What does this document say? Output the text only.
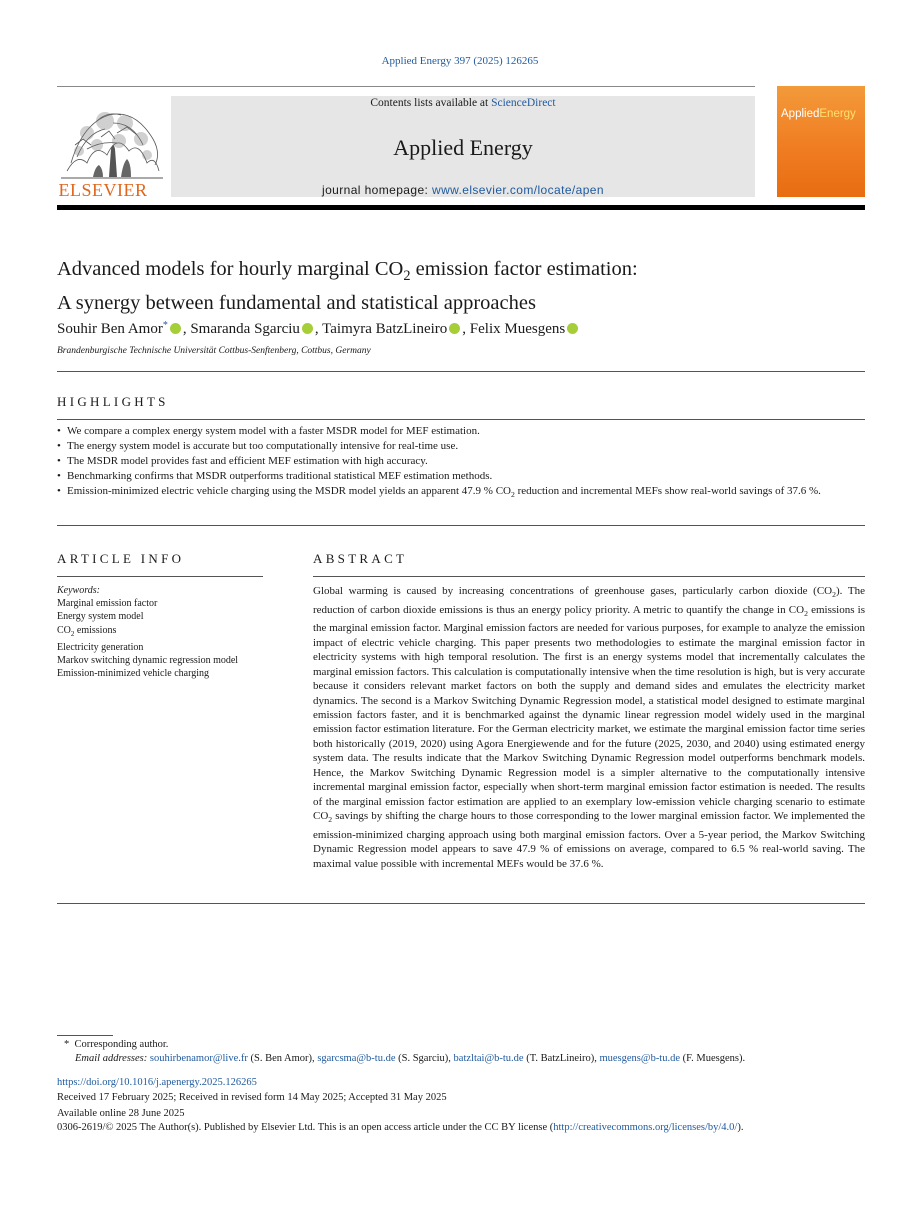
Applied Energy 397 (2025) 126265
ELSEVIER
Contents lists available at ScienceDirect
Applied Energy
journal homepage: www.elsevier.com/locate/apen
AppliedEnergy
Advanced models for hourly marginal $CO_2$ emission factor estimation:
A synergy between fundamental and statistical approaches
Souhir Ben Amor* , Smaranda Sgarciu , Taimyra BatzLineiro , Felix Muesgens
Brandenburgische Technische Universität Cottbus-Senftenberg, Cottbus, Germany
HIGHLIGHTS
• We compare a complex energy system model with a faster MSDR model for MEF estimation.
• The energy system model is accurate but too computationally intensive for real-time use.
• The MSDR model provides fast and efficient MEF estimation with high accuracy.
• Benchmarking confirms that MSDR outperforms traditional statistical MEF estimation methods.
• Emission-minimized electric vehicle charging using the MSDR model yields an apparent 47.9 % $CO_2$ reduction and incremental MEFs show real-world savings of 37.6 %.
ARTICLE INFO
Keywords:
Marginal emission factor
Energy system model
$CO_2$ emissions
Electricity generation
Markov switching dynamic regression model
Emission-minimized vehicle charging
ABSTRACT

Global warming is caused by increasing concentrations of greenhouse gases, particularly carbon dioxide $(CO_2)$. The reduction of carbon dioxide emissions is thus an energy policy priority. A metric to quantify the change in $CO_2$ emissions is the marginal emission factor. Marginal emission factors are needed for various purposes, for example to analyze the emission impact of electric vehicle charging. This paper presents two methodologies to estimate the marginal emission factor in electricity systems with high temporal resolution. The first is an energy systems model that incrementally calculates the marginal emission factors. This calculation is computationally intensive when the time resolution is high, but is very accurate because it considers relevant market factors on both the supply and demand sides and emulates the electricity market dynamics. The second is a Markov Switching Dynamic Regression model, a statistical model designed to estimate marginal emission factors faster, and it is benchmarked against the dynamic linear regression model widely used in the marginal emission factor estimation literature. For the German electricity market, we estimate the marginal emission factor time series both historically (2019, 2020) using Agora Energiewende and for the future (2025, 2030, and 2040) using estimated energy system data. The results indicate that the Markov Switching Dynamic Regression model outperforms benchmark models. Hence, the Markov Switching Dynamic Regression model is a simpler alternative to the computationally intensive incremental marginal emission factor, especially when short-term marginal emission factor estimation is needed. The results of the marginal emission factor estimation are applied to an exemplary low-emission vehicle charging scenario to estimate $CO_2$ savings by shifting the charge hours to those corresponding to the lower marginal emission factor. We implemented the emission-minimized charging approach using both marginal emission factors. Over a 5-year period, the Markov Switching Dynamic Regression model appears to save 47.9 % of emissions on average, compared to 6.5 % real-world saving. The maximal value possible with incremental MEFs would be 37.6 %.

* Corresponding author.
Email addresses: souhirbenamor@live.fr (S. Ben Amor), sgarcsma@b-tu.de (S. Sgarciu), batzltai@b-tu.de (T. BatzLineiro), muesgens@b-tu.de (F. Muesgens).
https://doi.org/10.1016/j.apenergy.2025.126265
Received 17 February 2025; Received in revised form 14 May 2025; Accepted 31 May 2025
Available online 28 June 2025
0306-2619/© 2025 The Author(s). Published by Elsevier Ltd. This is an open access article under the CC BY license (http://creativecommons.org/licenses/by/4.0/).
